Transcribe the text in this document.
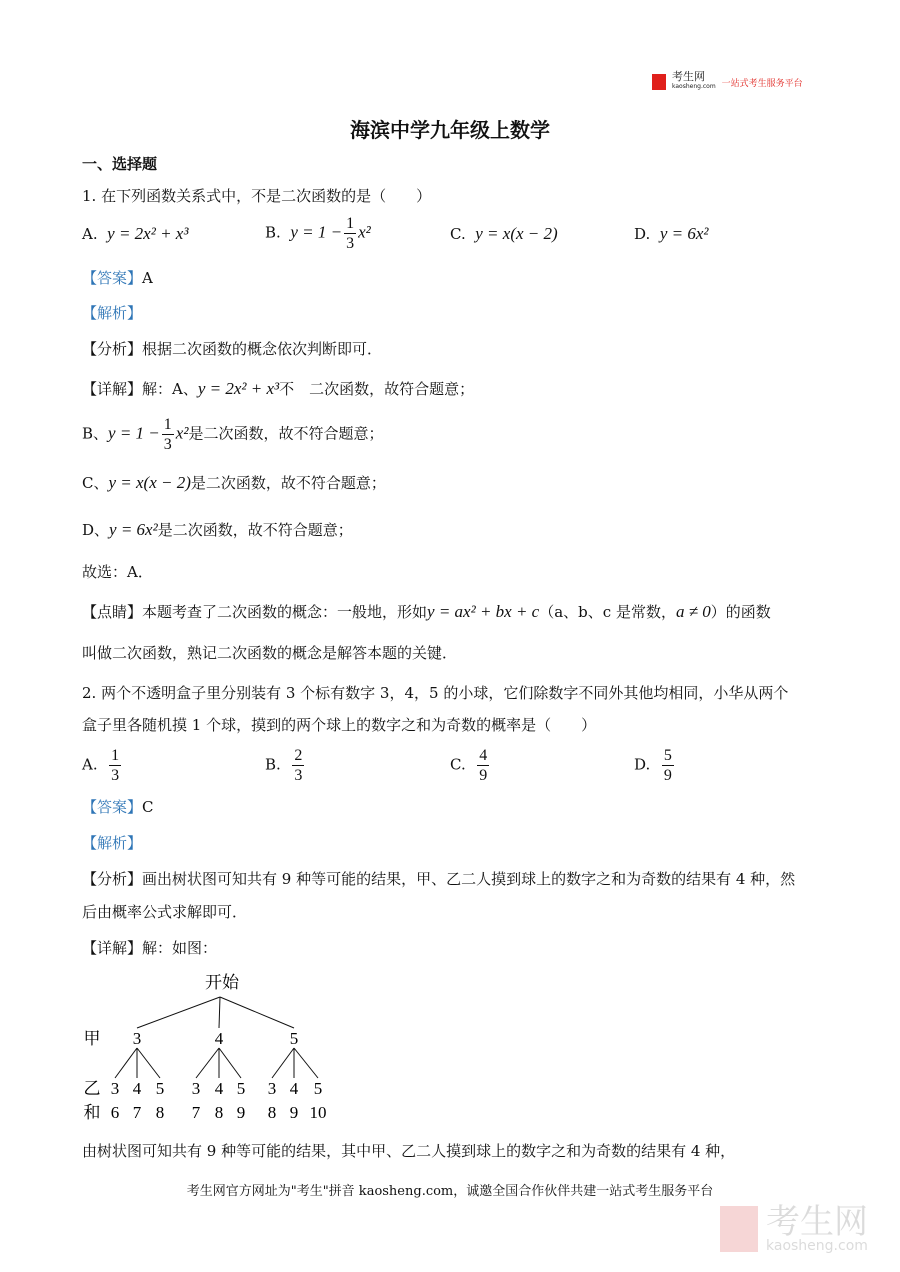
考生网
kaosheng.com 一站式考生服务平台
海滨中学九年级上数学
一、选择题
1. 在下列函数关系式中，不是二次函数的是（　　）
A. y = 2x² + x³	B. $y = 1 - \frac{1}{3} x^2$	C. y = x(x − 2)	D. y = 6x²
【答案】A
【解析】
【分析】根据二次函数的概念依次判断即可．
【详解】解：A、y = 2x² + x³不　二次函数，故符合题意；
B、$y = 1 - \frac{1}{3} x^2$是二次函数，故不符合题意；
C、y = x(x − 2)是二次函数，故不符合题意；
D、y = 6x²是二次函数，故不符合题意；
故选：A．
【点睛】本题考查了二次函数的概念：一般地，形如y = ax² + bx + c（a、b、c 是常数，a ≠ 0）的函数
叫做二次函数，熟记二次函数的概念是解答本题的关键．
2. 两个不透明盒子里分别装有 3 个标有数字 3，4，5 的小球，它们除数字不同外其他均相同，小华从两个
盒子里各随机摸 1 个球，摸到的两个球上的数字之和为奇数的概率是（　　）
A. $\frac{1}{3}$	B. $\frac{2}{3}$	C. $\frac{4}{9}$	D. $\frac{5}{9}$
【答案】C
【解析】
【分析】画出树状图可知共有 9 种等可能的结果，甲、乙二人摸到球上的数字之和为奇数的结果有 4 种，然
后由概率公式求解即可．
【详解】解：如图：
开始
甲 3	4	5
3 4 5 3 4 5 3 4 5
6 7 8 7 8 9 8 9 10
乙
和
由树状图可知共有 9 种等可能的结果，其中甲、乙二人摸到球上的数字之和为奇数的结果有 4 种，
考生网官方网址为"考生"拼音 kaosheng.com，诚邀全国合作伙伴共建一站式考生服务平台
考生网
kaosheng.com
